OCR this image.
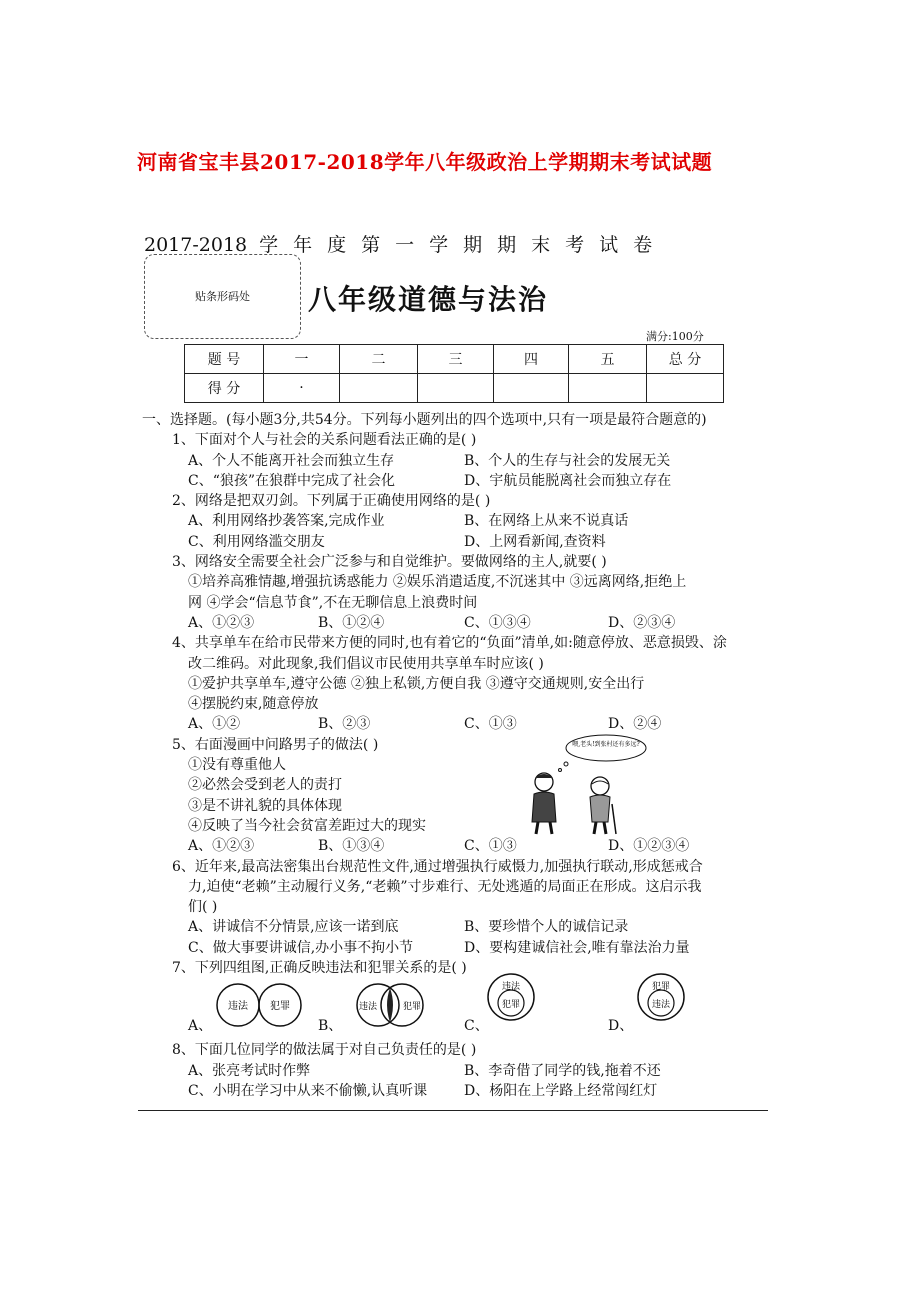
河南省宝丰县2017-2018学年八年级政治上学期期末考试试题
2017-2018 学年度第一学期期末考试卷
贴条形码处 八年级道德与法治
满分:100分
题 号	一	二	三	四	五	总 分
得 分	·					
一、选择题。(每小题3分,共54分。下列每小题列出的四个选项中,只有一项是最符合题意的)
1、下面对个人与社会的关系问题看法正确的是( )
A、个人不能离开社会而独立生存	B、个人的生存与社会的发展无关
C、“狼孩”在狼群中完成了社会化	D、宇航员能脱离社会而独立存在
2、网络是把双刃剑。下列属于正确使用网络的是( )
A、利用网络抄袭答案,完成作业	B、在网络上从来不说真话
C、利用网络滥交朋友	D、上网看新闻,查资料
3、网络安全需要全社会广泛参与和自觉维护。要做网络的主人,就要( )
①培养高雅情趣,增强抗诱惑能力 ②娱乐消遣适度,不沉迷其中 ③远离网络,拒绝上
网 ④学会“信息节食”,不在无聊信息上浪费时间
A、①②③	B、①②④	C、①③④	D、②③④
4、共享单车在给市民带来方便的同时,也有着它的“负面”清单,如:随意停放、恶意损毁、涂
改二维码。对此现象,我们倡议市民使用共享单车时应该( )
①爱护共享单车,遵守公德 ②独上私锁,方便自我 ③遵守交通规则,安全出行
④摆脱约束,随意停放
A、①②	B、②③	C、①③	D、②④
5、右面漫画中问路男子的做法( )
①没有尊重他人
②必然会受到老人的责打
③是不讲礼貌的具体体现
④反映了当今社会贫富差距过大的现实
A、①②③	B、①③④	C、①③	D、①②③④
6、近年来,最高法密集出台规范性文件,通过增强执行威慑力,加强执行联动,形成惩戒合
力,迫使“老赖”主动履行义务,“老赖”寸步难行、无处逃遁的局面正在形成。这启示我
们( )
A、讲诚信不分情景,应该一诺到底	B、要珍惜个人的诚信记录
C、做大事要讲诚信,办小事不拘小节	D、要构建诚信社会,唯有靠法治力量
7、下列四组图,正确反映违法和犯罪关系的是( )
A、
违法 犯罪
B、
违法	犯罪
C、
违法
犯罪
D、
犯罪
违法
8、下面几位同学的做法属于对自己负责任的是( )
A、张亮考试时作弊	B、李奇借了同学的钱,拖着不还
C、小明在学习中从来不偷懒,认真听课	D、杨阳在上学路上经常闯红灯
喂,老头!到张村还有多远?
